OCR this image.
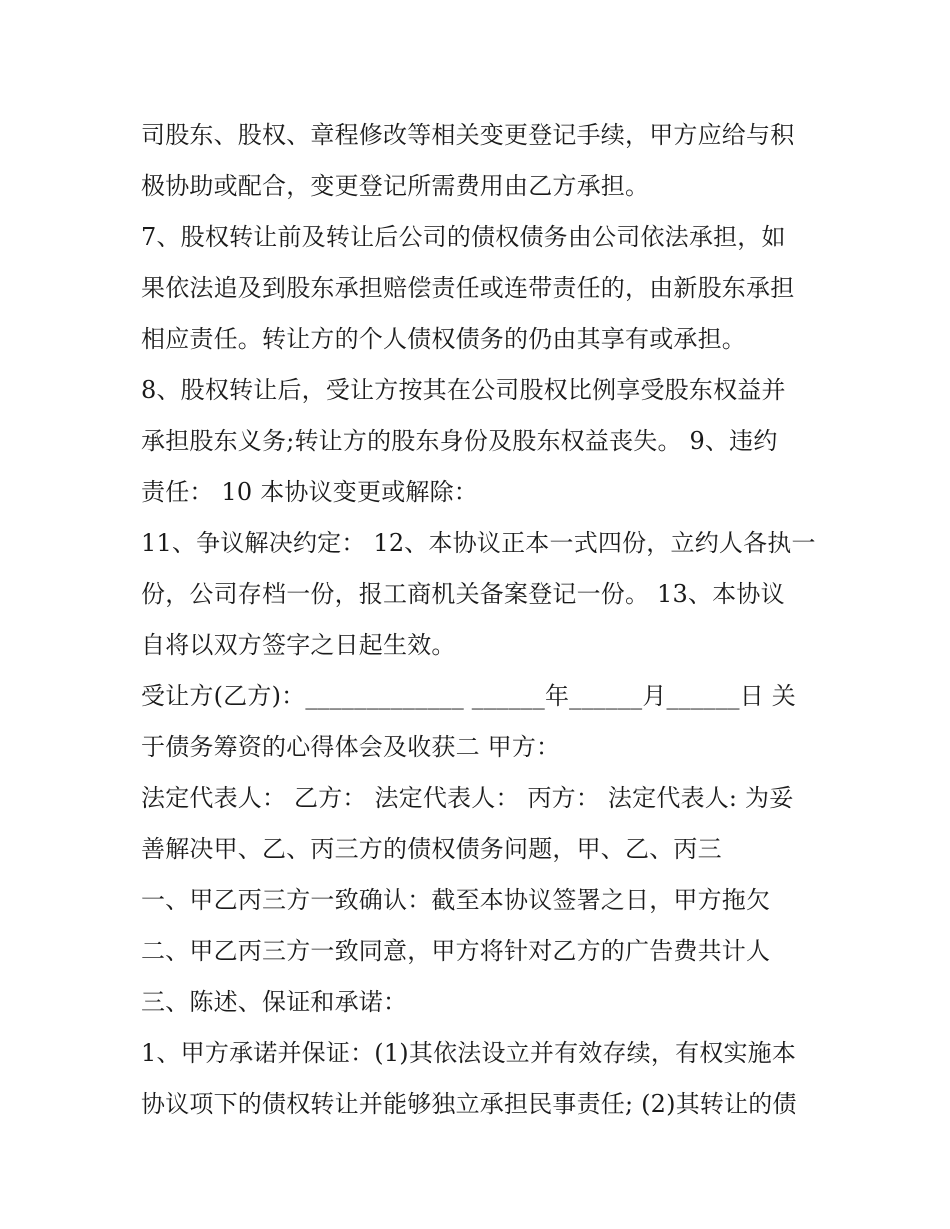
司股东、股权、章程修改等相关变更登记手续，甲方应给与积
极协助或配合，变更登记所需费用由乙方承担。
7、股权转让前及转让后公司的债权债务由公司依法承担，如
果依法追及到股东承担赔偿责任或连带责任的，由新股东承担
相应责任。转让方的个人债权债务的仍由其享有或承担。
8、股权转让后，受让方按其在公司股权比例享受股东权益并
承担股东义务;转让方的股东身份及股东权益丧失。 9、违约
责任： 10 本协议变更或解除：
11、争议解决约定： 12、本协议正本一式四份，立约人各执一
份，公司存档一份，报工商机关备案登记一份。 13、本协议
自将以双方签字之日起生效。
受让方(乙方)：_____________ ______年______月______日 关
于债务筹资的心得体会及收获二 甲方：
法定代表人： 乙方： 法定代表人： 丙方： 法定代表人: 为妥
善解决甲、乙、丙三方的债权债务问题，甲、乙、丙三
一、甲乙丙三方一致确认：截至本协议签署之日，甲方拖欠
二、甲乙丙三方一致同意，甲方将针对乙方的广告费共计人
三、陈述、保证和承诺：
1、甲方承诺并保证：(1)其依法设立并有效存续，有权实施本
协议项下的债权转让并能够独立承担民事责任; (2)其转让的债
